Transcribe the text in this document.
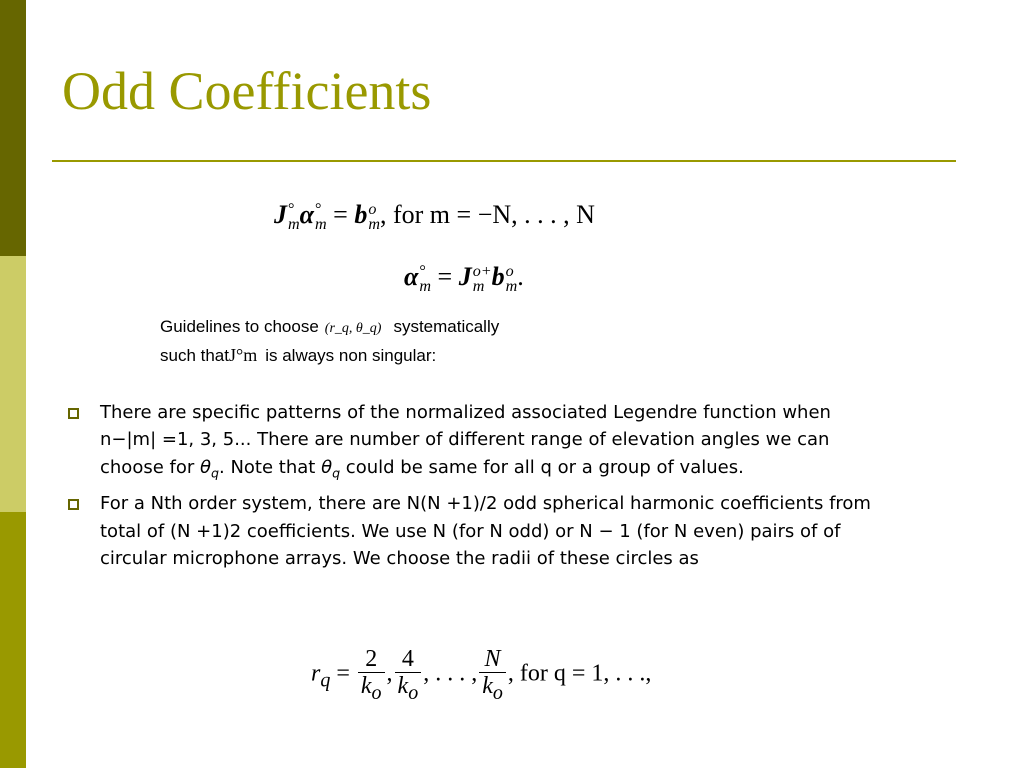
Odd Coefficients
J °
m α °
m = b o
m , for m = −N, . . . , N
α °
m = J o+
m b o
m .
Guidelines to choose (r_q, θ_q) systematically
such thatJ°m is always non singular:
There are specific patterns of the normalized associated Legendre function when n−|m| =1, 3, 5... There are number of different range of elevation angles we can choose for $\theta_q$. Note that $\theta_q$ could be same for all q or a group of values.
For a Nth order system, there are N(N +1)/2 odd spherical harmonic coefficients from total of (N +1)2 coefficients. We use N (for N odd) or N − 1 (for N even) pairs of of circular microphone arrays. We choose the radii of these circles as
$r_q = \frac{2}{k_o}$ , $\frac{4}{k_o}$ , . . . , $\frac{N}{k_o}$ , for q = 1, . . .,
